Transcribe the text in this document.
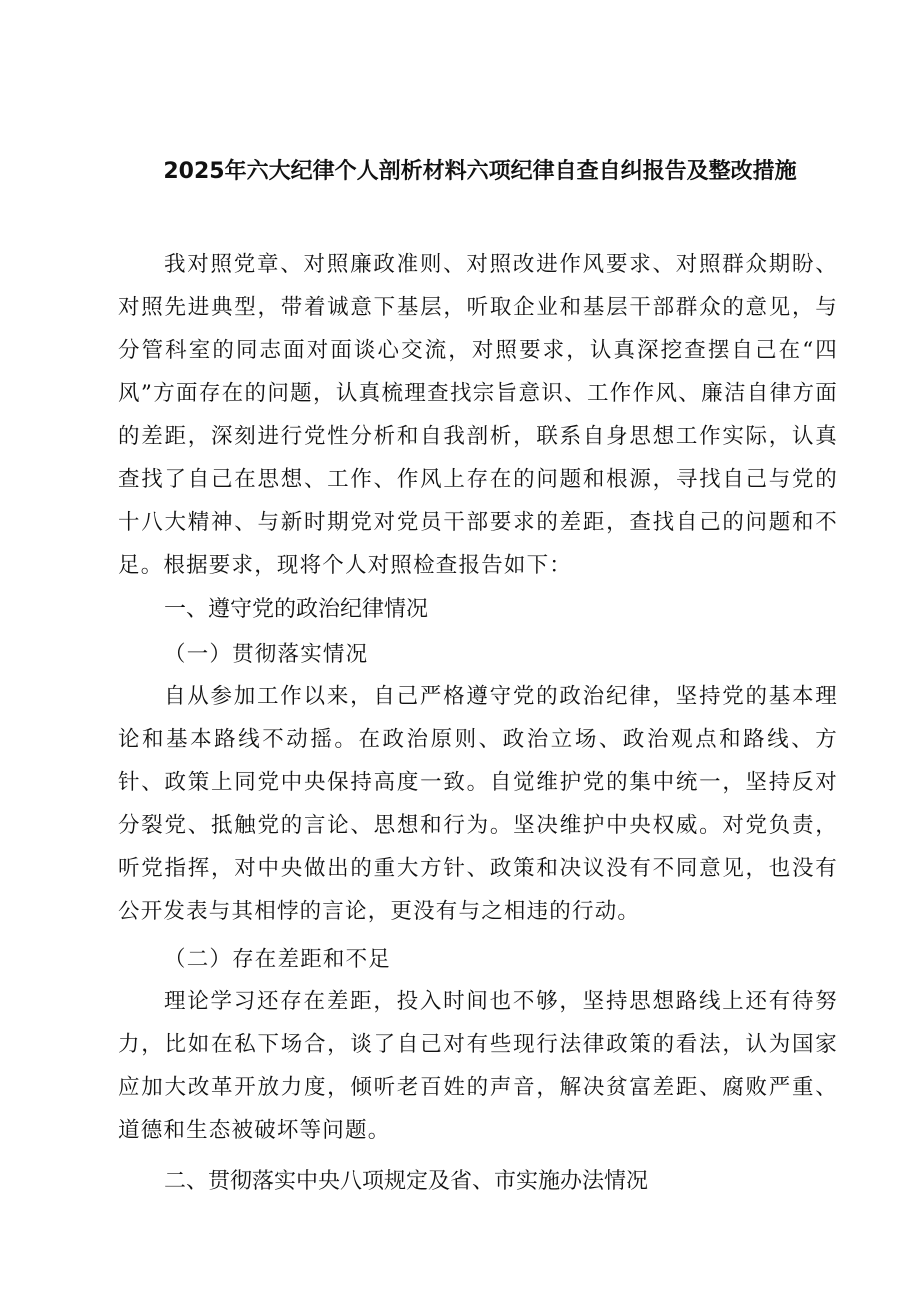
2025年六大纪律个人剖析材料六项纪律自查自纠报告及整改措施

我对照党章、对照廉政准则、对照改进作风要求、对照群众期盼、对照先进典型，带着诚意下基层，听取企业和基层干部群众的意见，与分管科室的同志面对面谈心交流，对照要求，认真深挖查摆自己在“四风”方面存在的问题，认真梳理查找宗旨意识、工作作风、廉洁自律方面的差距，深刻进行党性分析和自我剖析，联系自身思想工作实际，认真查找了自己在思想、工作、作风上存在的问题和根源，寻找自己与党的十八大精神、与新时期党对党员干部要求的差距，查找自己的问题和不足。根据要求，现将个人对照检查报告如下：

一、遵守党的政治纪律情况
（一）贯彻落实情况

自从参加工作以来，自己严格遵守党的政治纪律，坚持党的基本理论和基本路线不动摇。在政治原则、政治立场、政治观点和路线、方针、政策上同党中央保持高度一致。自觉维护党的集中统一，坚持反对分裂党、抵触党的言论、思想和行为。坚决维护中央权威。对党负责，听党指挥，对中央做出的重大方针、政策和决议没有不同意见，也没有公开发表与其相悖的言论，更没有与之相违的行动。

（二）存在差距和不足

理论学习还存在差距，投入时间也不够，坚持思想路线上还有待努力，比如在私下场合，谈了自己对有些现行法律政策的看法，认为国家应加大改革开放力度，倾听老百姓的声音，解决贫富差距、腐败严重、道德和生态被破坏等问题。

二、贯彻落实中央八项规定及省、市实施办法情况
